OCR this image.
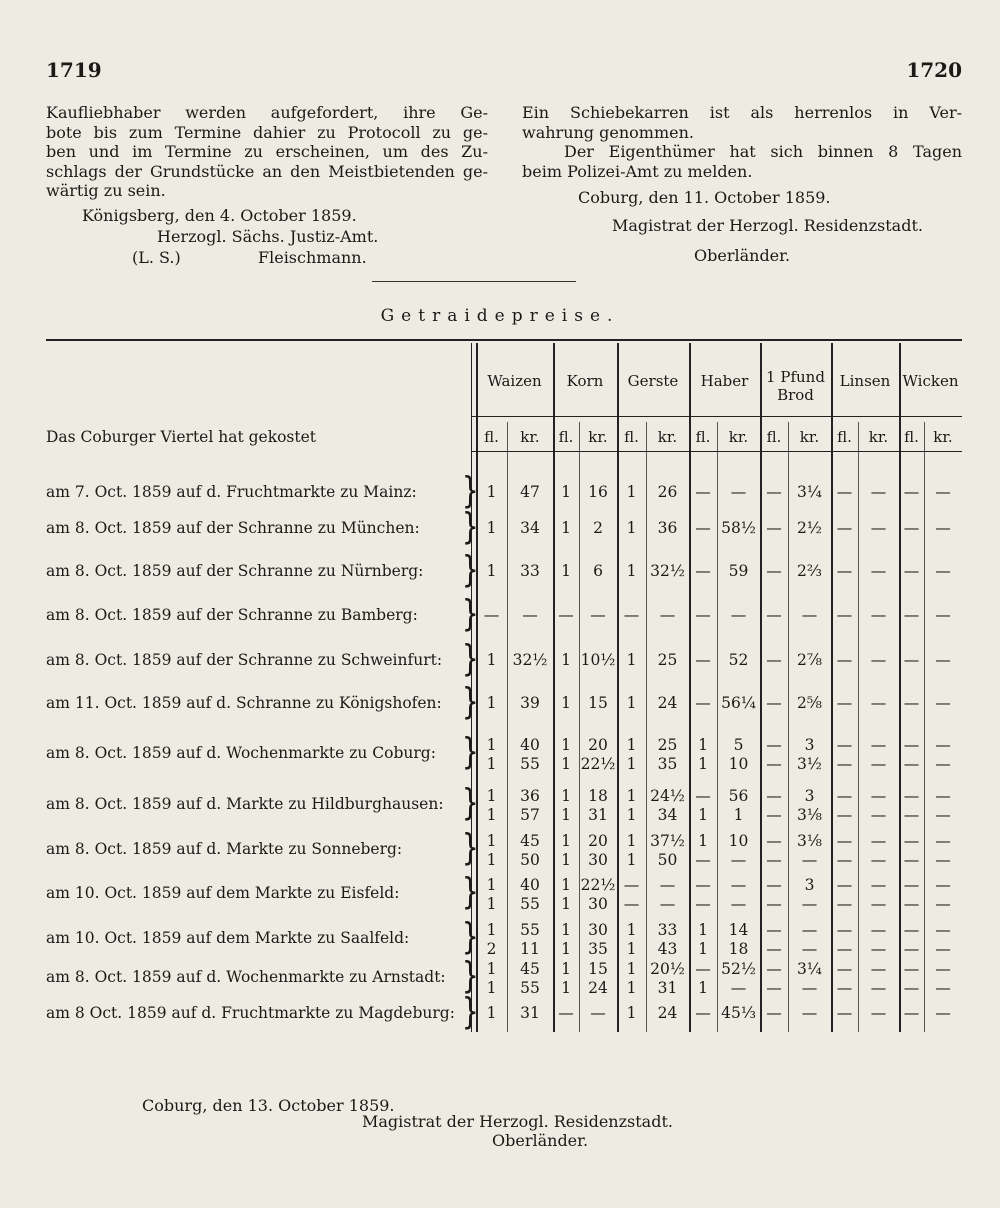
1719	1720
Kaufliebhaber werden aufgefordert, ihre Ge-
bote bis zum Termine dahier zu Protocoll zu ge-
ben und im Termine zu erscheinen, um des Zu-
schlags der Grundstücke an den Meistbietenden ge-
wärtig zu sein.
Königsberg, den 4. October 1859.
Herzogl. Sächs. Justiz-Amt.
(L. S.)	Fleischmann.
Ein Schiebekarren ist als herrenlos in Ver-
wahrung genommen.
Der Eigenthümer hat sich binnen 8 Tagen
beim Polizei-Amt zu melden.
Coburg, den 11. October 1859.
Magistrat der Herzogl. Residenzstadt.
Oberländer.
Getraidepreise.
Waizen
fl.	kr.
Korn
fl. kr.
Gerste
fl.	kr.
Haber
fl.	kr.
1 Pfund Brod
fl.	kr.
Linsen
fl.	kr.
Wicken
fl. kr.
am 7. Oct. 1859 auf d. Fruchtmarkte zu Mainz: } 1	47	1	16	1	26	—	—	— 3¼ —	—	—	—
am 8. Oct. 1859 auf der Schranne zu München: } 1	34	1	2	1	36	— 58½ — 2½ —	—	—	—
am 8. Oct. 1859 auf der Schranne zu Nürnberg: } 1	33	1	6	1 32½ —	59	— 2⅔ —	—	—	—
am 8. Oct. 1859 auf der Schranne zu Bamberg: } —	—	—	—	—	—	—	—	—	—	—	—	—	—
am 8. Oct. 1859 auf der Schranne zu Schweinfurt: } 1	32½ 1 10½ 1	25	—	52	— 2⅞ —	—	—	—
am 11. Oct. 1859 auf d. Schranne zu Königshofen: } 1	39	1	15	1	24	— 56¼ — 2⅝ —	—	—	—
am 8. Oct. 1859 auf d. Wochenmarkte zu Coburg: } 1	40	1	20	1	25	1	5	—	3	—	—	—	—
1	55	1 22½ 1	35	1	10	— 3½ —	—	—	—
am 8. Oct. 1859 auf d. Markte zu Hildburghausen: } 1	36	1	18	1 24½ —	56	—	3	—	—	—	—
1	57	1	31	1	34	1	1	— 3⅛ —	—	—	—
am 8. Oct. 1859 auf d. Markte zu Sonneberg: } 1	45	1	20	1 37½ 1	10	— 3⅛ —	—	—	—
1	50	1	30	1	50	—	—	—	—	—	—	—	—
am 10. Oct. 1859 auf dem Markte zu Eisfeld: } 1	40	1 22½ —	—	—	—	—	3	—	—	—	—
1	55	1	30	—	—	—	—	—	—	—	—	—	—
am 10. Oct. 1859 auf dem Markte zu Saalfeld: } 1	55	1	30	1	33	1	14	—	—	—	—	—	—
2	11	1	35	1	43	1	18	—	—	—	—	—	—
am 8. Oct. 1859 auf d. Wochenmarkte zu Arnstadt: } 1	45	1	15	1 20½ — 52½ — 3¼ —	—	—	—
1	55	1	24	1	31	1	—	—	—	—	—	—	—
am 8 Oct. 1859 auf d. Fruchtmarkte zu Magdeburg: } 1	31	—	—	1	24	— 45⅓ —	—	—	—	—	—
Das Coburger Viertel hat gekostet
Coburg, den 13. October 1859.
Magistrat der Herzogl. Residenzstadt.
Oberländer.
